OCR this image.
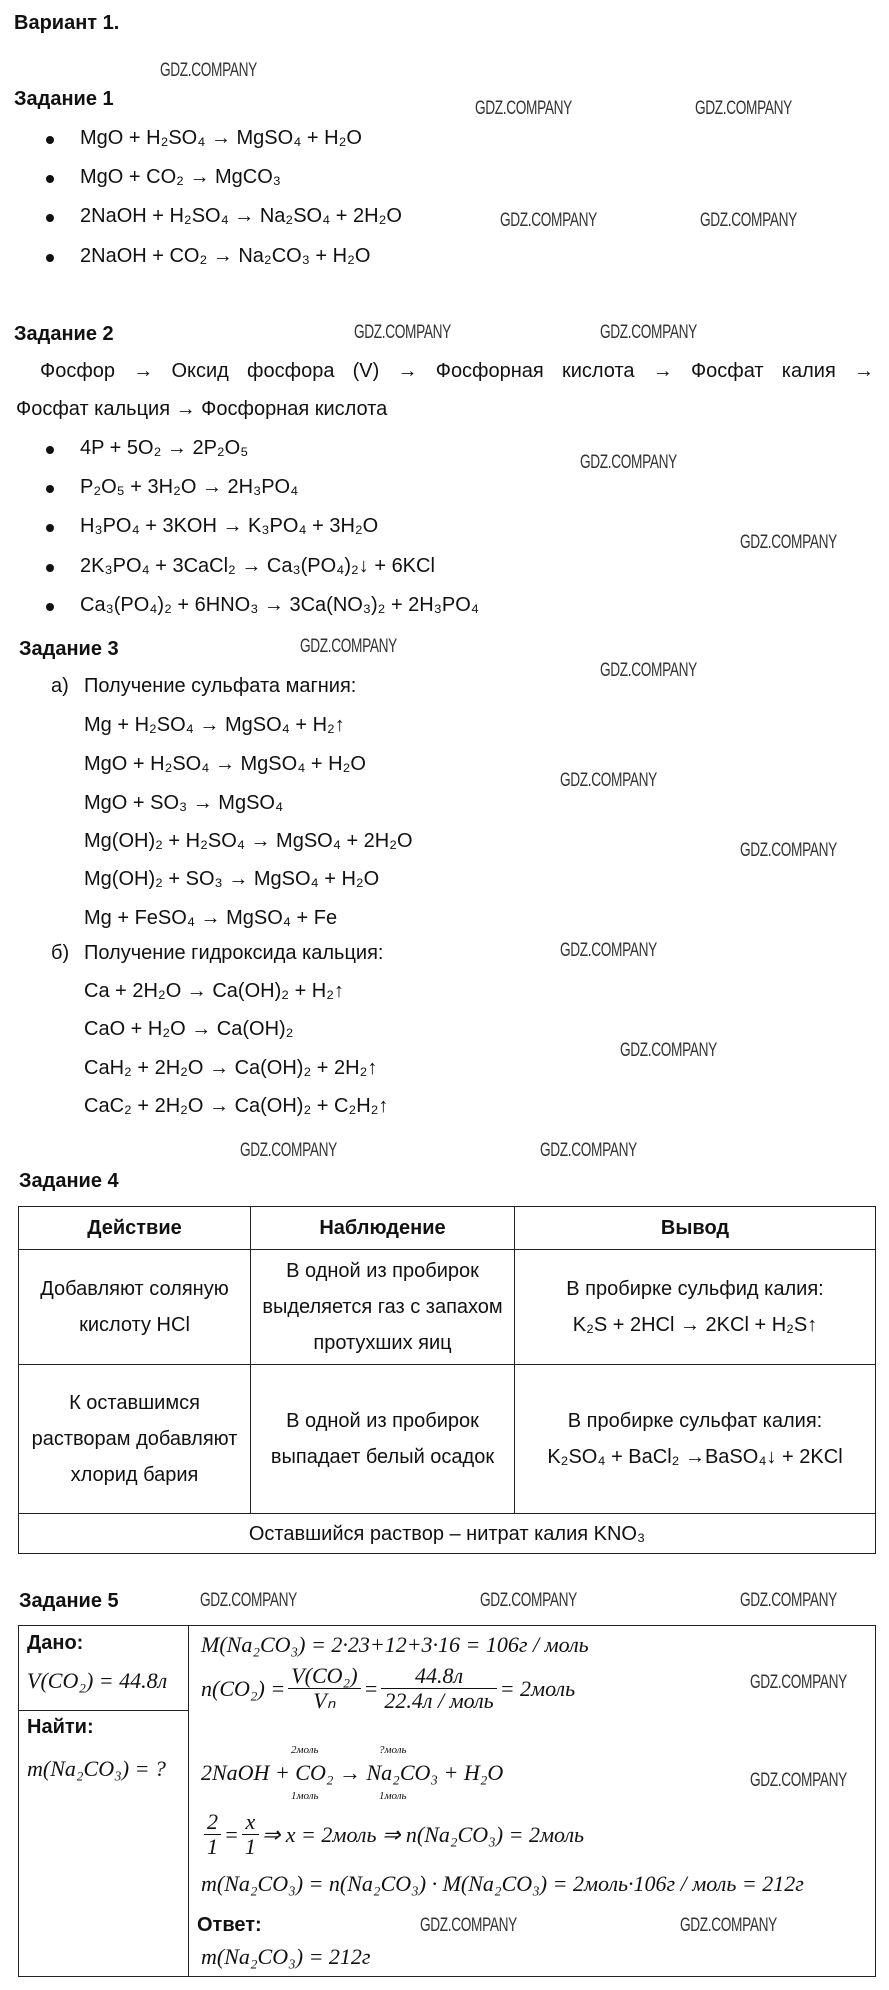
Вариант 1.
Задание 1
MgO + H₂SO₄ → MgSO₄ + H₂O
MgO + CO₂ → MgCO₃
2NaOH + H₂SO₄ → Na₂SO₄ + 2H₂O
2NaOH + CO₂ → Na₂CO₃ + H₂O
Задание 2
Фосфор → Оксид фосфора (V) → Фосфорная кислота → Фосфат калия →
Фосфат кальция → Фосфорная кислота
4P + 5O₂ → 2P₂O₅
P₂O₅ + 3H₂O → 2H₃PO₄
H₃PO₄ + 3KOH → K₃PO₄ + 3H₂O
2K₃PO₄ + 3CaCl₂ → Ca₃(PO₄)₂↓ + 6KCl
Ca₃(PO₄)₂ + 6HNO₃ → 3Ca(NO₃)₂ + 2H₃PO₄
Задание 3
а) Получение сульфата магния:
Mg + H₂SO₄ → MgSO₄ + H₂↑
MgO + H₂SO₄ → MgSO₄ + H₂O
MgO + SO₃ → MgSO₄
Mg(OH)₂ + H₂SO₄ → MgSO₄ + 2H₂O
Mg(OH)₂ + SO₃ → MgSO₄ + H₂O
Mg + FeSO₄ → MgSO₄ + Fe
б) Получение гидроксида кальция:
Ca + 2H₂O → Ca(OH)₂ + H₂↑
CaO + H₂O → Ca(OH)₂
CaH₂ + 2H₂O → Ca(OH)₂ + 2H₂↑
CaC₂ + 2H₂O → Ca(OH)₂ + C₂H₂↑
Задание 4
Действие	Наблюдение	Вывод
Добавляют соляную кислоту HCl	В одной из пробирок выделяется газ с запахом протухших яиц	В пробирке сульфид калия:
K₂S + 2HCl → 2KCl + H₂S↑

К оставшимся растворам добавляют хлорид бария	В одной из пробирок выпадает белый осадок	В пробирке сульфат калия:
K₂SO₄ + BaCl₂ →BaSO₄↓ + 2KCl

Оставшийся раствор – нитрат калия KNO₃		
Задание 5
Дано:
V(CO₂) = 44.8л
Найти:
m(Na₂CO₃) = ?
M(Na₂CO₃) = 2·23+12+3·16 = 106г / моль
$n(CO_2) = \frac{\text{V(CO₂)}}{\text{Vₙ}} = \frac{44.8л}{\text{22.4л / моль}}$ = 2моль
2моль	?моль
2NaOH + CO₂ → Na₂CO₃ + H₂O
1моль	1моль
$\frac{2}{1} = \frac{x}{1}$ ⇒ x = 2моль ⇒ n(Na₂CO₃) = 2моль
m(Na₂CO₃) = n(Na₂CO₃) · M(Na₂CO₃) = 2моль·106г / моль = 212г
Ответ:
m(Na₂CO₃) = 212г
GDZ.COMPANY
GDZ.COMPANY	GDZ.COMPANY
GDZ.COMPANY	GDZ.COMPANY
GDZ.COMPANY	GDZ.COMPANY
GDZ.COMPANY
GDZ.COMPANY
GDZ.COMPANY
GDZ.COMPANY
GDZ.COMPANY
GDZ.COMPANY
GDZ.COMPANY
GDZ.COMPANY
GDZ.COMPANY	GDZ.COMPANY
GDZ.COMPANY	GDZ.COMPANY	GDZ.COMPANY
GDZ.COMPANY
GDZ.COMPANY
GDZ.COMPANY	GDZ.COMPANY
